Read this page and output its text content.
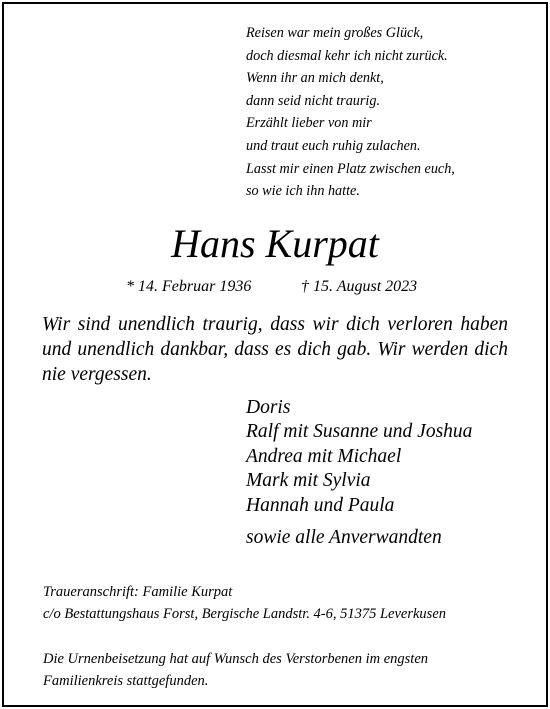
Reisen war mein großes Glück,
doch diesmal kehr ich nicht zurück.
Wenn ihr an mich denkt,
dann seid nicht traurig.
Erzählt lieber von mir
und traut euch ruhig zulachen.
Lasst mir einen Platz zwischen euch,
so wie ich ihn hatte.
Hans Kurpat
* 14. Februar 1936	† 15. August 2023
Wir sind unendlich traurig, dass wir dich verloren haben und unendlich dankbar, dass es dich gab. Wir werden dich nie vergessen.
Doris
Ralf mit Susanne und Joshua
Andrea mit Michael
Mark mit Sylvia
Hannah und Paula
sowie alle Anverwandten
Traueranschrift: Familie Kurpat
c/o Bestattungshaus Forst, Bergische Landstr. 4-6, 51375 Leverkusen
Die Urnenbeisetzung hat auf Wunsch des Verstorbenen im engsten
Familienkreis stattgefunden.
